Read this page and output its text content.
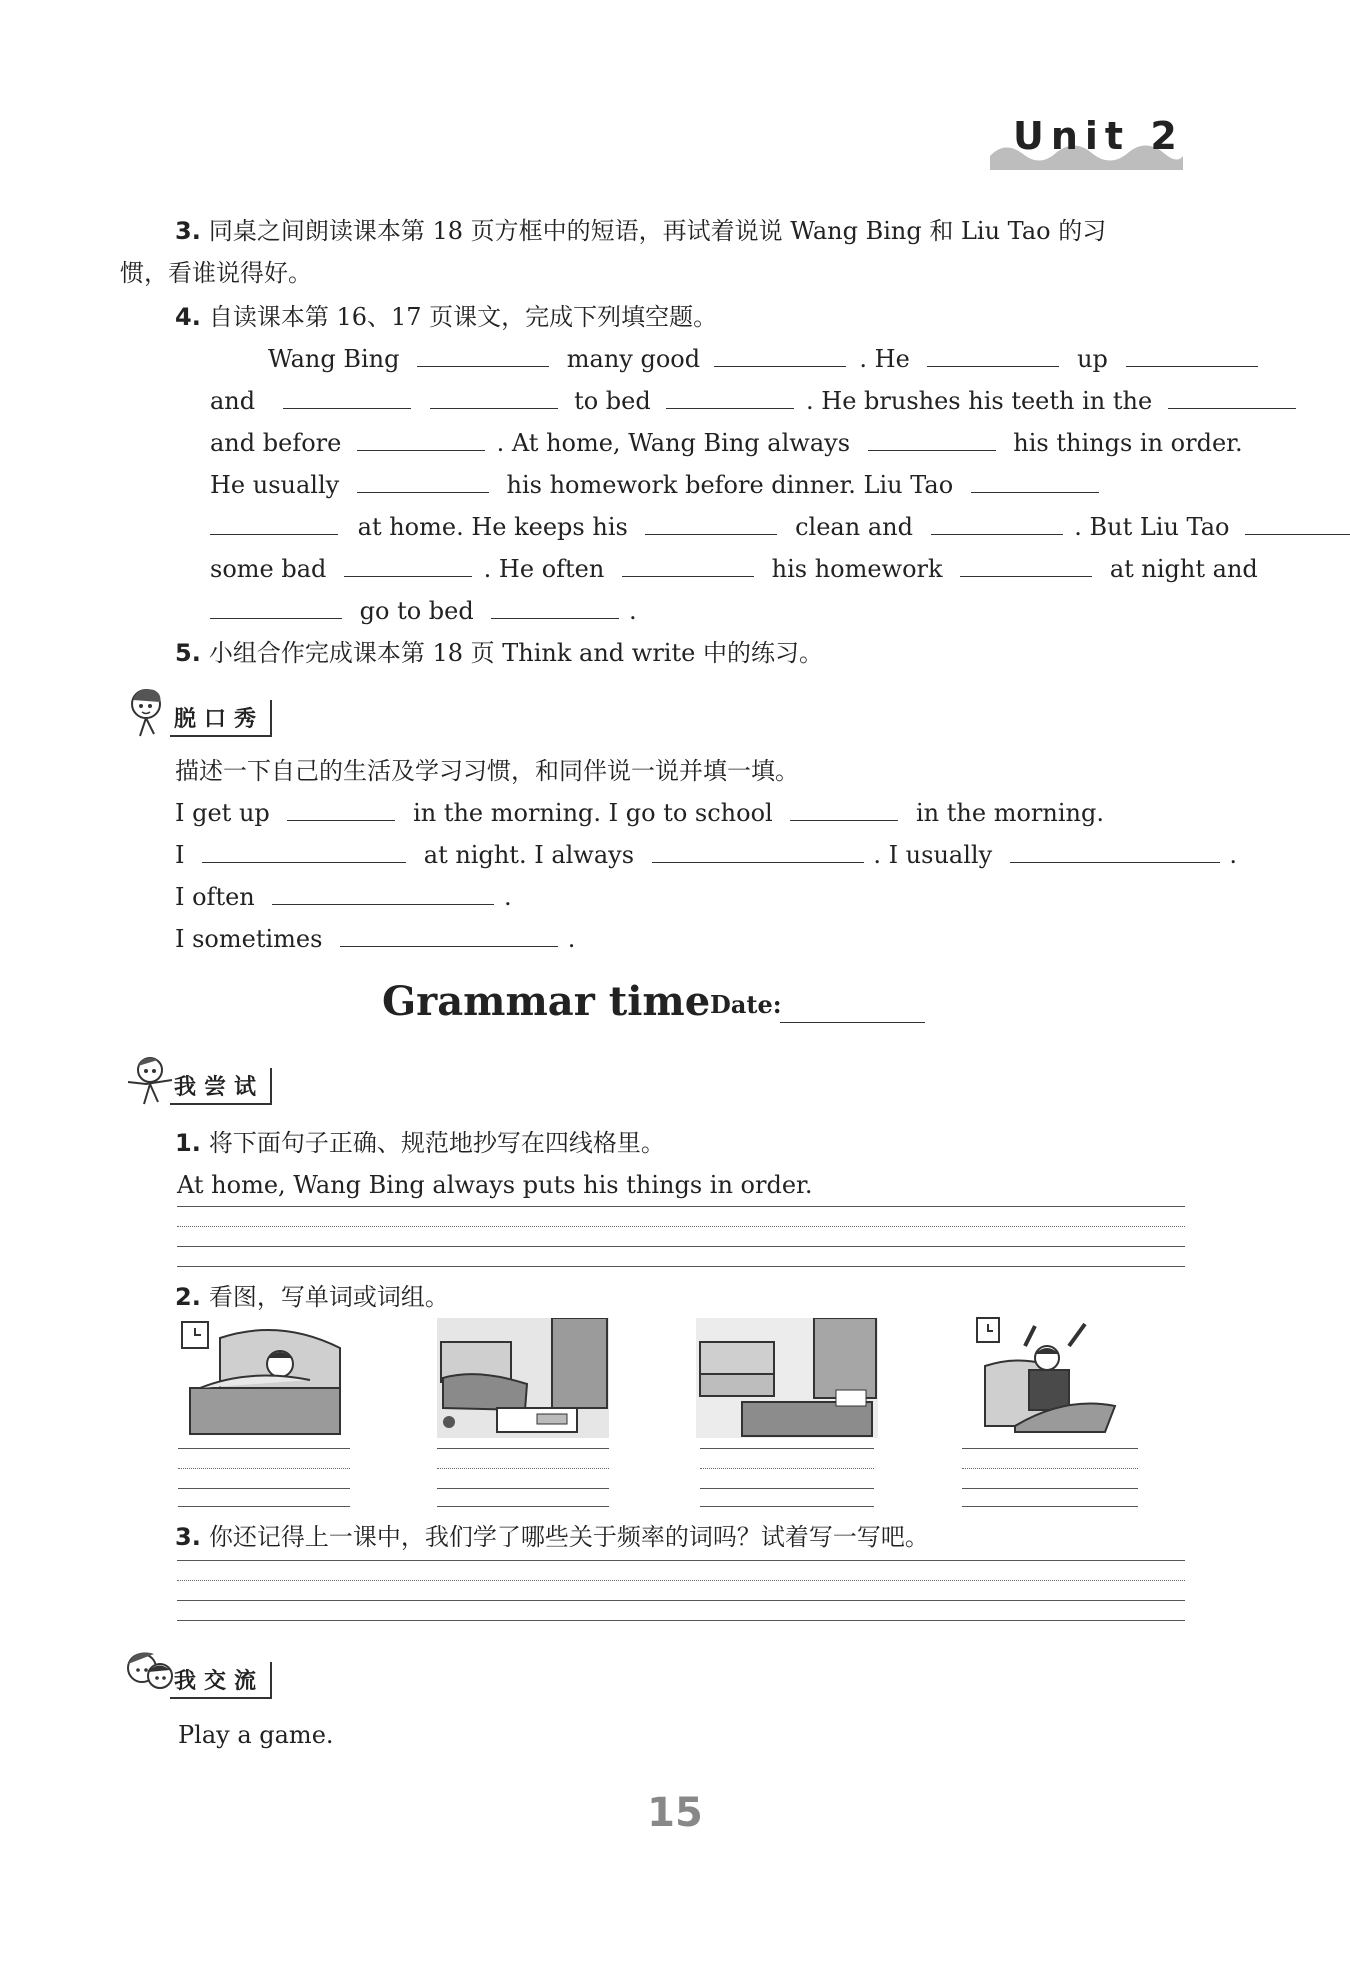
Unit 2
3. 同桌之间朗读课本第 18 页方框中的短语，再试着说说 Wang Bing 和 Liu Tao 的习
惯，看谁说得好。
4. 自读课本第 16、17 页课文，完成下列填空题。
Wang Bing	many good	. He	up
and	to bed	. He brushes his teeth in the
and before	. At home, Wang Bing always	his things in order.
He usually	his homework before dinner. Liu Tao
at home. He keeps his	clean and	. But Liu Tao
some bad	. He often	his homework	at night and
go to bed	.
5. 小组合作完成课本第 18 页 Think and write 中的练习。
脱口秀
描述一下自己的生活及学习习惯，和同伴说一说并填一填。
I get up	in the morning. I go to school	in the morning.
I	at night. I always	. I usually	.
I often	.
I sometimes	.
Grammar time Date:
我尝试
1. 将下面句子正确、规范地抄写在四线格里。
At home, Wang Bing always puts his things in order.
2. 看图，写单词或词组。
3. 你还记得上一课中，我们学了哪些关于频率的词吗？试着写一写吧。
我交流
Play a game.
15
